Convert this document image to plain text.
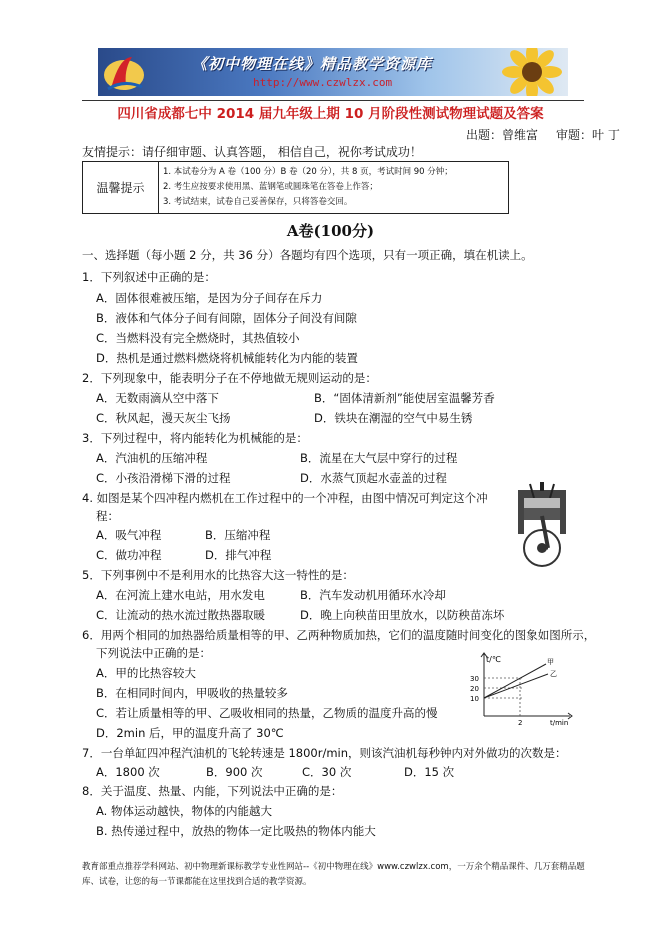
《初中物理在线》精品教学资源库
http://www.czwlzx.com
四川省成都七中 2014 届九年级上期 10 月阶段性测试物理试题及答案
出题：曾维富 审题：叶 丁
友情提示：请仔细审题、认真答题， 相信自己，祝你考试成功！
温馨提示	
1. 本试卷分为 A 卷（100 分）B 卷（20 分），共 8 页，考试时间 90 分钟；
2. 考生应按要求使用黑、蓝钢笔或圆珠笔在答卷上作答；
3. 考试结束，试卷自己妥善保存，只将答卷交回。
A卷(100分)
一、选择题（每小题 2 分，共 36 分）各题均有四个选项，只有一项正确，填在机读上。
1．下列叙述中正确的是：
A．固体很难被压缩，是因为分子间存在斥力
B．液体和气体分子间有间隙，固体分子间没有间隙
C．当燃料没有完全燃烧时，其热值较小
D．热机是通过燃料燃烧将机械能转化为内能的装置
2．下列现象中，能表明分子在不停地做无规则运动的是：
A．无数雨滴从空中落下	B．“固体清新剂”能使居室温馨芳香
C．秋风起，漫天灰尘飞扬	D．铁块在潮湿的空气中易生锈
3．下列过程中，将内能转化为机械能的是：
A．汽油机的压缩冲程	B．流星在大气层中穿行的过程
C．小孩沿滑梯下滑的过程	D．水蒸气顶起水壶盖的过程
4. 如图是某个四冲程内燃机在工作过程中的一个冲程，由图中情况可判定这个冲
程：
A．吸气冲程	B．压缩冲程
C．做功冲程	D．排气冲程
5．下列事例中不是利用水的比热容大这一特性的是：
A．在河流上建水电站，用水发电	B．汽车发动机用循环水冷却
C．让流动的热水流过散热器取暖	D．晚上向秧苗田里放水，以防秧苗冻坏
6．用两个相同的加热器给质量相等的甲、乙两种物质加热，它们的温度随时间变化的图象如图所示，
下列说法中正确的是：
A．甲的比热容较大
B．在相同时间内，甲吸收的热量较多
C．若让质量相等的甲、乙吸收相同的热量，乙物质的温度升高的慢
D．2min 后，甲的温度升高了 30℃
t/℃
30
20
10
2	t/min
甲
乙
7．一台单缸四冲程汽油机的飞轮转速是 1800r/min，则该汽油机每秒钟内对外做功的次数是：
A．1800 次	B．900 次	C．30 次	D．15 次
8．关于温度、热量、内能，下列说法中正确的是：
A. 物体运动越快，物体的内能越大
B. 热传递过程中，放热的物体一定比吸热的物体内能大
教育部重点推荐学科网站、初中物理新课标教学专业性网站--《初中物理在线》www.czwlzx.com，一万余个精品课件、几万套精品题库、试卷，让您的每一节课都能在这里找到合适的教学资源。
